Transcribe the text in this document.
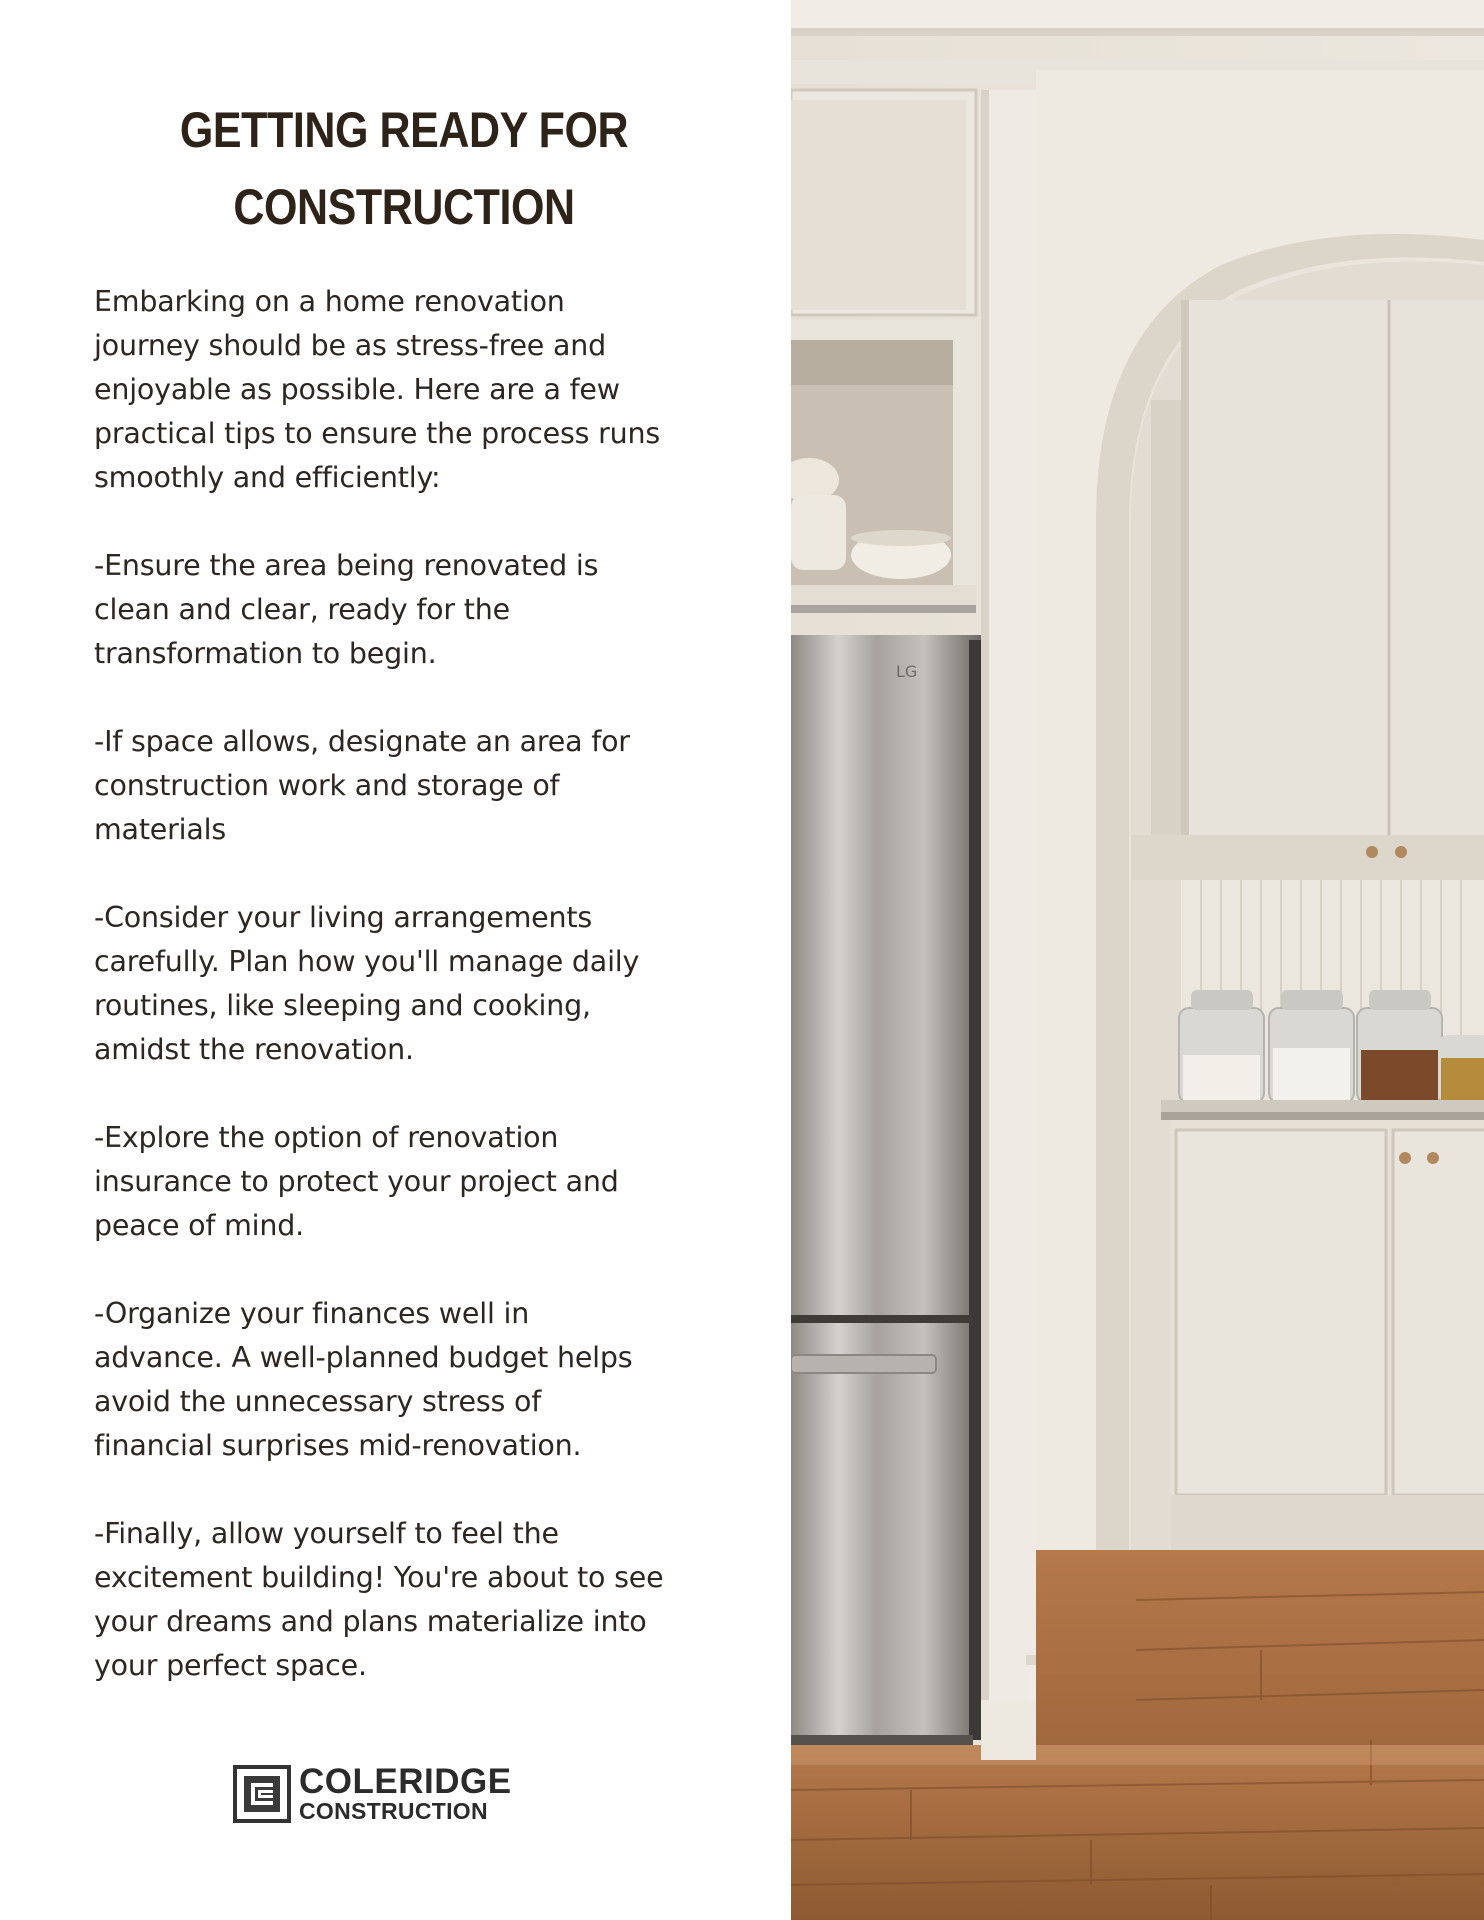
GETTING READY FOR
CONSTRUCTION

Embarking on a home renovation
journey should be as stress-free and
enjoyable as possible. Here are a few
practical tips to ensure the process runs
smoothly and efficiently:

-Ensure the area being renovated is
clean and clear, ready for the
transformation to begin.

-If space allows, designate an area for
construction work and storage of
materials

-Consider your living arrangements
carefully. Plan how you'll manage daily
routines, like sleeping and cooking,
amidst the renovation.

-Explore the option of renovation
insurance to protect your project and
peace of mind.

-Organize your finances well in
advance. A well-planned budget helps
avoid the unnecessary stress of
financial surprises mid-renovation.

-Finally, allow yourself to feel the
excitement building! You're about to see
your dreams and plans materialize into
your perfect space.

COLERIDGE
CONSTRUCTION
LG
